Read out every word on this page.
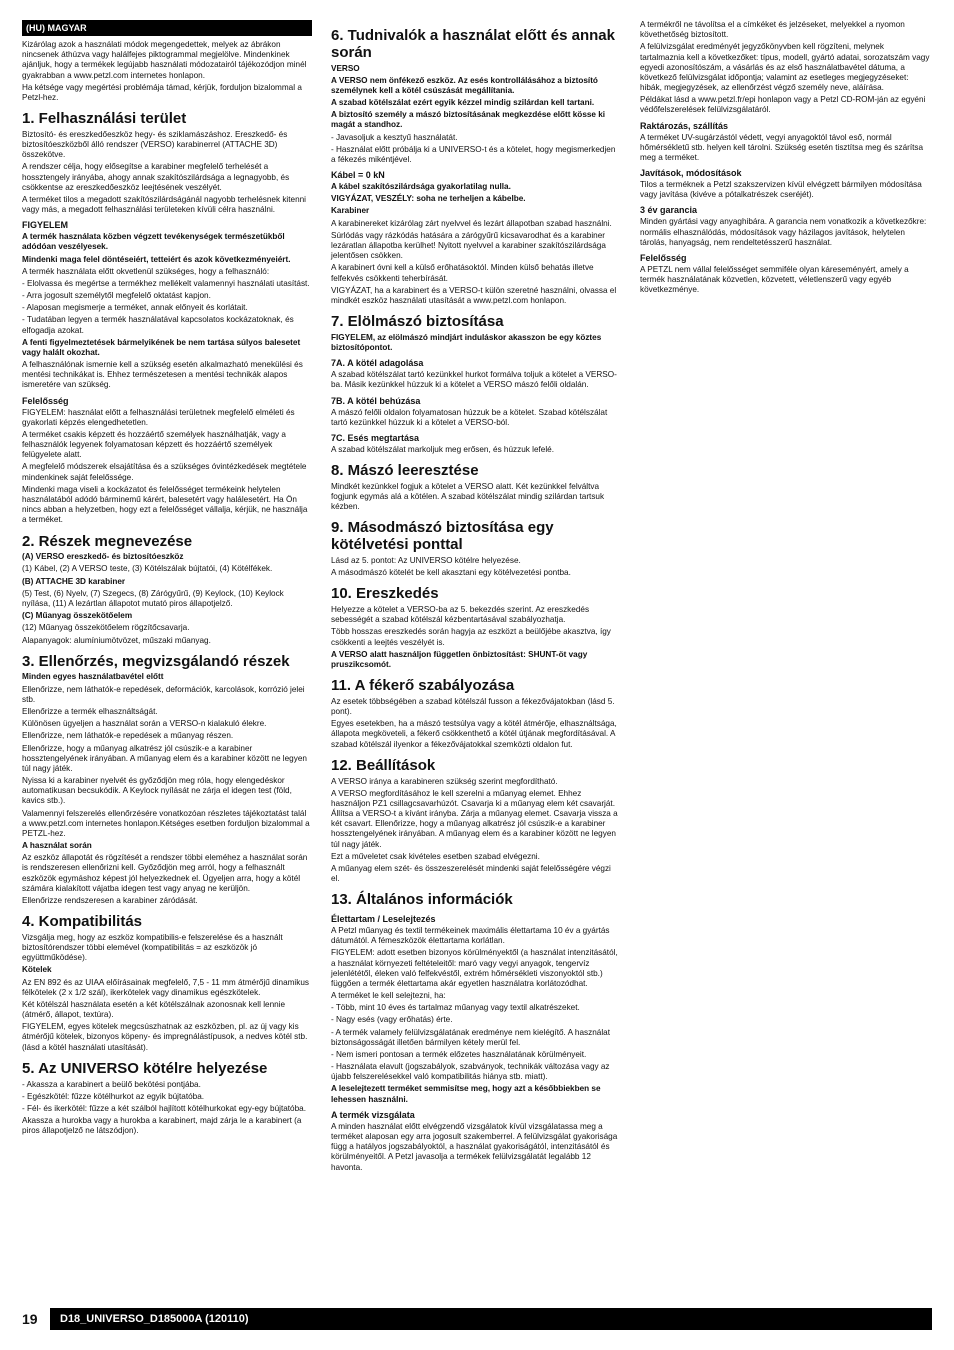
(HU) MAGYAR

Kizárólag azok a használati módok megengedettek, melyek az ábrákon nincsenek áthúzva vagy halálfejes piktogrammal megjelölve. Mindenkinek ajánljuk, hogy a termékek legújabb használati módozatairól tájékozódjon minél gyakrabban a www.petzl.com internetes honlapon.

Ha kétsége vagy megértési problémája támad, kérjük, forduljon bizalommal a Petzl-hez.

1. Felhasználási terület

Biztosító- és ereszkedőeszköz hegy- és sziklamászáshoz. Ereszkedő- és biztosítóeszközből álló rendszer (VERSO) karabinerrel (ATTACHE 3D) összekötve.

A rendszer célja, hogy elősegítse a karabiner megfelelő terhelését a hossztengely irányába, ahogy annak szakítószilárdsága a legnagyobb, és csökkentse az ereszkedőeszköz leejtésének veszélyét.

A terméket tilos a megadott szakítószilárdságánál nagyobb terhelésnek kitenni vagy más, a megadott felhasználási területeken kívüli célra használni.

FIGYELEM

A termék használata közben végzett tevékenységek természetükből adódóan veszélyesek.

Mindenki maga felel döntéseiért, tetteiért és azok következményeiért.

A termék használata előtt okvetlenül szükséges, hogy a felhasználó:

- Elolvassa és megértse a termékhez mellékelt valamennyi használati utasítást.

- Arra jogosult személytől megfelelő oktatást kapjon.

- Alaposan megismerje a terméket, annak előnyeit és korlátait.

- Tudatában legyen a termék használatával kapcsolatos kockázatoknak, és elfogadja azokat.

A fenti figyelmeztetések bármelyikének be nem tartása súlyos balesetet vagy halált okozhat.

A felhasználónak ismernie kell a szükség esetén alkalmazható menekülési és mentési technikákat is. Ehhez természetesen a mentési technikák alapos ismeretére van szükség.

Felelősség

FIGYELEM: használat előtt a felhasználási területnek megfelelő elméleti és gyakorlati képzés elengedhetetlen.

A terméket csakis képzett és hozzáértő személyek használhatják, vagy a felhasználók legyenek folyamatosan képzett és hozzáértő személyek felügyelete alatt.

A megfelelő módszerek elsajátítása és a szükséges óvintézkedések megtétele mindenkinek saját felelőssége.

Mindenki maga viseli a kockázatot és felelősséget termékeink helytelen használatából adódó bárminemű kárért, balesetért vagy halálesetért. Ha Ön nincs abban a helyzetben, hogy ezt a felelősséget vállalja, kérjük, ne használja a terméket.

2. Részek megnevezése

(A) VERSO ereszkedő- és biztosítóeszköz

(1) Kábel, (2) A VERSO teste, (3) Kötélszálak bújtatói, (4) Kötélfékek.

(B) ATTACHE 3D karabiner

(5) Test, (6) Nyelv, (7) Szegecs, (8) Zárógyűrű, (9) Keylock, (10) Keylock nyílása, (11) A lezártlan állapotot mutató piros állapotjelző.

(C) Műanyag összekötőelem

(12) Műanyag összekötőelem rögzítőcsavarja.

Alapanyagok: alumíniumötvözet, műszaki műanyag.

3. Ellenőrzés, megvizsgálandó részek

Minden egyes használatbavétel előtt

Ellenőrizze, nem láthatók-e repedések, deformációk, karcolások, korrózió jelei stb.

Ellenőrizze a termék elhasználtságát.

Különösen ügyeljen a használat során a VERSO-n kialakuló élekre.

Ellenőrizze, nem láthatók-e repedések a műanyag részen.

Ellenőrizze, hogy a műanyag alkatrész jól csúszik-e a karabiner hossztengelyének irányában. A műanyag elem és a karabiner között ne legyen túl nagy játék.

Nyissa ki a karabiner nyelvét és győződjön meg róla, hogy elengedéskor automatikusan becsukódik. A Keylock nyílását ne zárja el idegen test (föld, kavics stb.).

Valamennyi felszerelés ellenőrzésére vonatkozóan részletes tájékoztatást talál a www.petzl.com internetes honlapon.Kétséges esetben forduljon bizalommal a PETZL-hez.

A használat során

Az eszköz állapotát és rögzítését a rendszer többi eleméhez a használat során is rendszeresen ellenőrizni kell. Győződjön meg arról, hogy a felhasznált eszközök egymáshoz képest jól helyezkednek el. Ügyeljen arra, hogy a kötél számára kialakított vájatba idegen test vagy anyag ne kerüljön.

Ellenőrizze rendszeresen a karabiner záródását.

4. Kompatibilitás

Vizsgálja meg, hogy az eszköz kompatibilis-e felszerelése és a használt biztosítórendszer többi elemével (kompatibilitás = az eszközök jó együttműködése).

Kötelek

Az EN 892 és az UIAA előírásainak megfelelő, 7,5 - 11 mm átmérőjű dinamikus félkötelek (2 x 1/2 szál), ikerkötelek vagy dinamikus egészkötelek.

Két kötélszál használata esetén a két kötélszálnak azonosnak kell lennie (átmérő, állapot, textúra).

FIGYELEM, egyes kötelek megcsúszhatnak az eszközben, pl. az új vagy kis átmérőjű kötelek, bizonyos köpeny- és impregnálástípusok, a nedves kötél stb. (lásd a kötél használati utasítását).

5. Az UNIVERSO kötélre helyezése

- Akassza a karabinert a beülő bekötési pontjába.

- Egészkötél: fűzze kötélhurkot az egyik bújtatóba.

- Fél- és ikerkötél: fűzze a két szálból hajlított kötélhurkokat egy-egy bújtatóba.

Akassza a hurokba vagy a hurokba a karabinert, majd zárja le a karabinert (a piros állapotjelző ne látszódjon).

6. Tudnivalók a használat előtt és annak során

VERSO

A VERSO nem önfékező eszköz. Az esés kontrollálásához a biztosító személynek kell a kötél csúszását megállítania.

A szabad kötélszálat ezért egyik kézzel mindig szilárdan kell tartani.

A biztosító személy a mászó biztosításának megkezdése előtt kösse ki magát a standhoz.

- Javasoljuk a kesztyű használatát.

- Használat előtt próbálja ki a UNIVERSO-t és a kötelet, hogy megismerkedjen a fékezés mikéntjével.

Kábel = 0 kN

A kábel szakítószilárdsága gyakorlatilag nulla.

VIGYÁZAT, VESZÉLY: soha ne terheljen a kábelbe.

Karabiner

A karabinereket kizárólag zárt nyelvvel és lezárt állapotban szabad használni.

Súrlódás vagy rázkódás hatására a zárógyűrű kicsavarodhat és a karabiner lezáratlan állapotba kerülhet! Nyitott nyelvvel a karabiner szakítószilárdsága jelentősen csökken.

A karabinert óvni kell a külső erőhatásoktól. Minden külső behatás illetve felfekvés csökkenti teherbírását.

VIGYÁZAT, ha a karabinert és a VERSO-t külön szeretné használni, olvassa el mindkét eszköz használati utasítását a www.petzl.com honlapon.

7. Elölmászó biztosítása

FIGYELEM, az elölmászó mindjárt induláskor akasszon be egy köztes biztosítópontot.

7A. A kötél adagolása

A szabad kötélszálat tartó kezünkkel hurkot formálva toljuk a kötelet a VERSO-ba. Másik kezünkkel húzzuk ki a kötelet a VERSO mászó felőli oldalán.

7B. A kötél behúzása

A mászó felőli oldalon folyamatosan húzzuk be a kötelet. Szabad kötélszálat tartó kezünkkel húzzuk ki a kötelet a VERSO-ból.

7C. Esés megtartása

A szabad kötélszálat markoljuk meg erősen, és húzzuk lefelé.

8. Mászó leeresztése

Mindkét kezünkkel fogjuk a kötelet a VERSO alatt. Két kezünkkel felváltva fogjunk egymás alá a kötélen. A szabad kötélszálat mindig szilárdan tartsuk kézben.

9. Másodmászó biztosítása egy kötélvetési ponttal

Lásd az 5. pontot: Az UNIVERSO kötélre helyezése.

A másodmászó kötelét be kell akasztani egy kötélvezetési pontba.

10. Ereszkedés

Helyezze a kötelet a VERSO-ba az 5. bekezdés szerint. Az ereszkedés sebességét a szabad kötélszál kézbentartásával szabályozhatja.

Több hosszas ereszkedés során hagyja az eszközt a beülőjébe akasztva, így csökkenti a leejtés veszélyét is.

A VERSO alatt használjon független önbiztosítást: SHUNT-öt vagy pruszikcsomót.

11. A fékerő szabályozása

Az esetek többségében a szabad kötélszál fusson a fékezővájatokban (lásd 5. pont).

Egyes esetekben, ha a mászó testsúlya vagy a kötél átmérője, elhasználtsága, állapota megköveteli, a fékerő csökkenthető a kötél útjának megfordításával. A szabad kötélszál ilyenkor a fékezővájatokkal szemközti oldalon fut.

12. Beállítások

A VERSO iránya a karabineren szükség szerint megfordítható.

A VERSO megfordításához le kell szerelni a műanyag elemet. Ehhez használjon PZ1 csillagcsavarhúzót. Csavarja ki a műanyag elem két csavarját. Állítsa a VERSO-t a kívánt irányba. Zárja a műanyag elemet. Csavarja vissza a két csavart. Ellenőrizze, hogy a műanyag alkatrész jól csúszik-e a karabiner hossztengelyének irányában. A műanyag elem és a karabiner között ne legyen túl nagy játék.

Ezt a műveletet csak kivételes esetben szabad elvégezni.

A műanyag elem szét- és összeszerelését mindenki saját felelősségére végzi el.

13. Általános információk
Élettartam / Leselejtezés

A Petzl műanyag és textil termékeinek maximális élettartama 10 év a gyártás dátumától. A fémeszközök élettartama korlátlan.

FIGYELEM: adott esetben bizonyos körülményektől (a használat intenzitásától, a használat környezeti feltételeitől: maró vagy vegyi anyagok, tengervíz jelenlététől, éleken való felfekvéstől, extrém hőmérsékleti viszonyoktól stb.) függően a termék élettartama akár egyetlen használatra korlátozódhat.

A terméket le kell selejtezni, ha:

- Több, mint 10 éves és tartalmaz műanyag vagy textil alkatrészeket.

- Nagy esés (vagy erőhatás) érte.

- A termék valamely felülvizsgálatának eredménye nem kielégítő. A használat biztonságosságát illetően bármilyen kétely merül fel.

- Nem ismeri pontosan a termék előzetes használatának körülményeit.

- Használata elavult (jogszabályok, szabványok, technikák változása vagy az újabb felszerelésekkel való kompatibilitás hiánya stb. miatt).

A leselejtezett terméket semmisítse meg, hogy azt a későbbiekben se lehessen használni.

A termék vizsgálata

A minden használat előtt elvégzendő vizsgálatok kívül vizsgálatassa meg a terméket alaposan egy arra jogosult szakemberrel. A felülvizsgálat gyakorisága függ a hatályos jogszabályoktól, a használat gyakoriságától, intenzitásától és körülményeitől. A Petzl javasolja a termékek felülvizsgálatát legalább 12 havonta.

A termékről ne távolítsa el a címkéket és jelzéseket, melyekkel a nyomon követhetőség biztosított.

A felülvizsgálat eredményét jegyzőkönyvben kell rögzíteni, melynek tartalmaznia kell a következőket: típus, modell, gyártó adatai, sorozatszám vagy egyedi azonosítószám, a vásárlás és az első használatbavétel dátuma, a következő felülvizsgálat időpontja; valamint az esetleges megjegyzéseket: hibák, megjegyzések, az ellenőrzést végző személy neve, aláírása.

Példákat lásd a www.petzl.fr/epi honlapon vagy a Petzl CD-ROM-ján az egyéni védőfelszerelések felülvizsgálatáról.

Raktározás, szállítás

A terméket UV-sugárzástól védett, vegyi anyagoktól távol eső, normál hőmérsékletű stb. helyen kell tárolni. Szükség esetén tisztítsa meg és szárítsa meg a terméket.

Javítások, módosítások

Tilos a terméknek a Petzl szakszervizen kívül elvégzett bármilyen módosítása vagy javítása (kivéve a pótalkatrészek cseréjét).

3 év garancia

Minden gyártási vagy anyaghibára. A garancia nem vonatkozik a következőkre: normális elhasználódás, módosítások vagy házilagos javítások, helytelen tárolás, hanyagság, nem rendeltetésszerű használat.

Felelősség

A PETZL nem vállal felelősséget semmiféle olyan káreseményért, amely a termék használatának közvetlen, közvetett, véletlenszerű vagy egyéb következménye.

19	D18_UNIVERSO_D185000A (120110)
